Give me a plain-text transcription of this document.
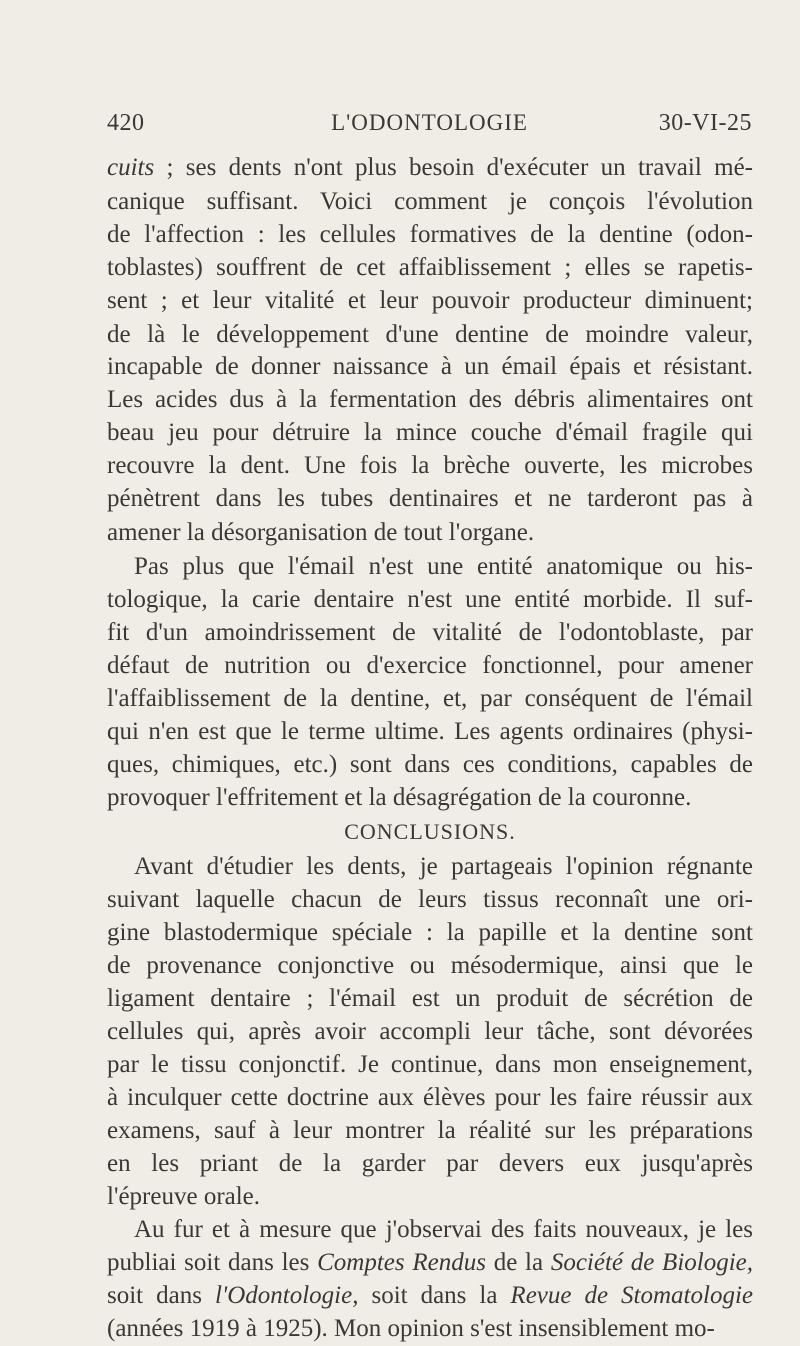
420	L'ODONTOLOGIE	30-VI-25
cuits ; ses dents n'ont plus besoin d'exécuter un travail mé-
canique suffisant. Voici comment je conçois l'évolution
de l'affection : les cellules formatives de la dentine (odon-
toblastes) souffrent de cet affaiblissement ; elles se rapetis-
sent ; et leur vitalité et leur pouvoir producteur diminuent;
de là le développement d'une dentine de moindre valeur,
incapable de donner naissance à un émail épais et résistant.
Les acides dus à la fermentation des débris alimentaires ont
beau jeu pour détruire la mince couche d'émail fragile qui
recouvre la dent. Une fois la brèche ouverte, les microbes
pénètrent dans les tubes dentinaires et ne tarderont pas à
amener la désorganisation de tout l'organe.
Pas plus que l'émail n'est une entité anatomique ou his-
tologique, la carie dentaire n'est une entité morbide. Il suf-
fit d'un amoindrissement de vitalité de l'odontoblaste, par
défaut de nutrition ou d'exercice fonctionnel, pour amener
l'affaiblissement de la dentine, et, par conséquent de l'émail
qui n'en est que le terme ultime. Les agents ordinaires (physi-
ques, chimiques, etc.) sont dans ces conditions, capables de
provoquer l'effritement et la désagrégation de la couronne.
CONCLUSIONS.
Avant d'étudier les dents, je partageais l'opinion régnante
suivant laquelle chacun de leurs tissus reconnaît une ori-
gine blastodermique spéciale : la papille et la dentine sont
de provenance conjonctive ou mésodermique, ainsi que le
ligament dentaire ; l'émail est un produit de sécrétion de
cellules qui, après avoir accompli leur tâche, sont dévorées
par le tissu conjonctif. Je continue, dans mon enseignement,
à inculquer cette doctrine aux élèves pour les faire réussir aux
examens, sauf à leur montrer la réalité sur les préparations
en les priant de la garder par devers eux jusqu'après
l'épreuve orale.
Au fur et à mesure que j'observai des faits nouveaux, je les
publiai soit dans les Comptes Rendus de la Société de Biologie,
soit dans l'Odontologie, soit dans la Revue de Stomatologie
(années 1919 à 1925). Mon opinion s'est insensiblement mo-
